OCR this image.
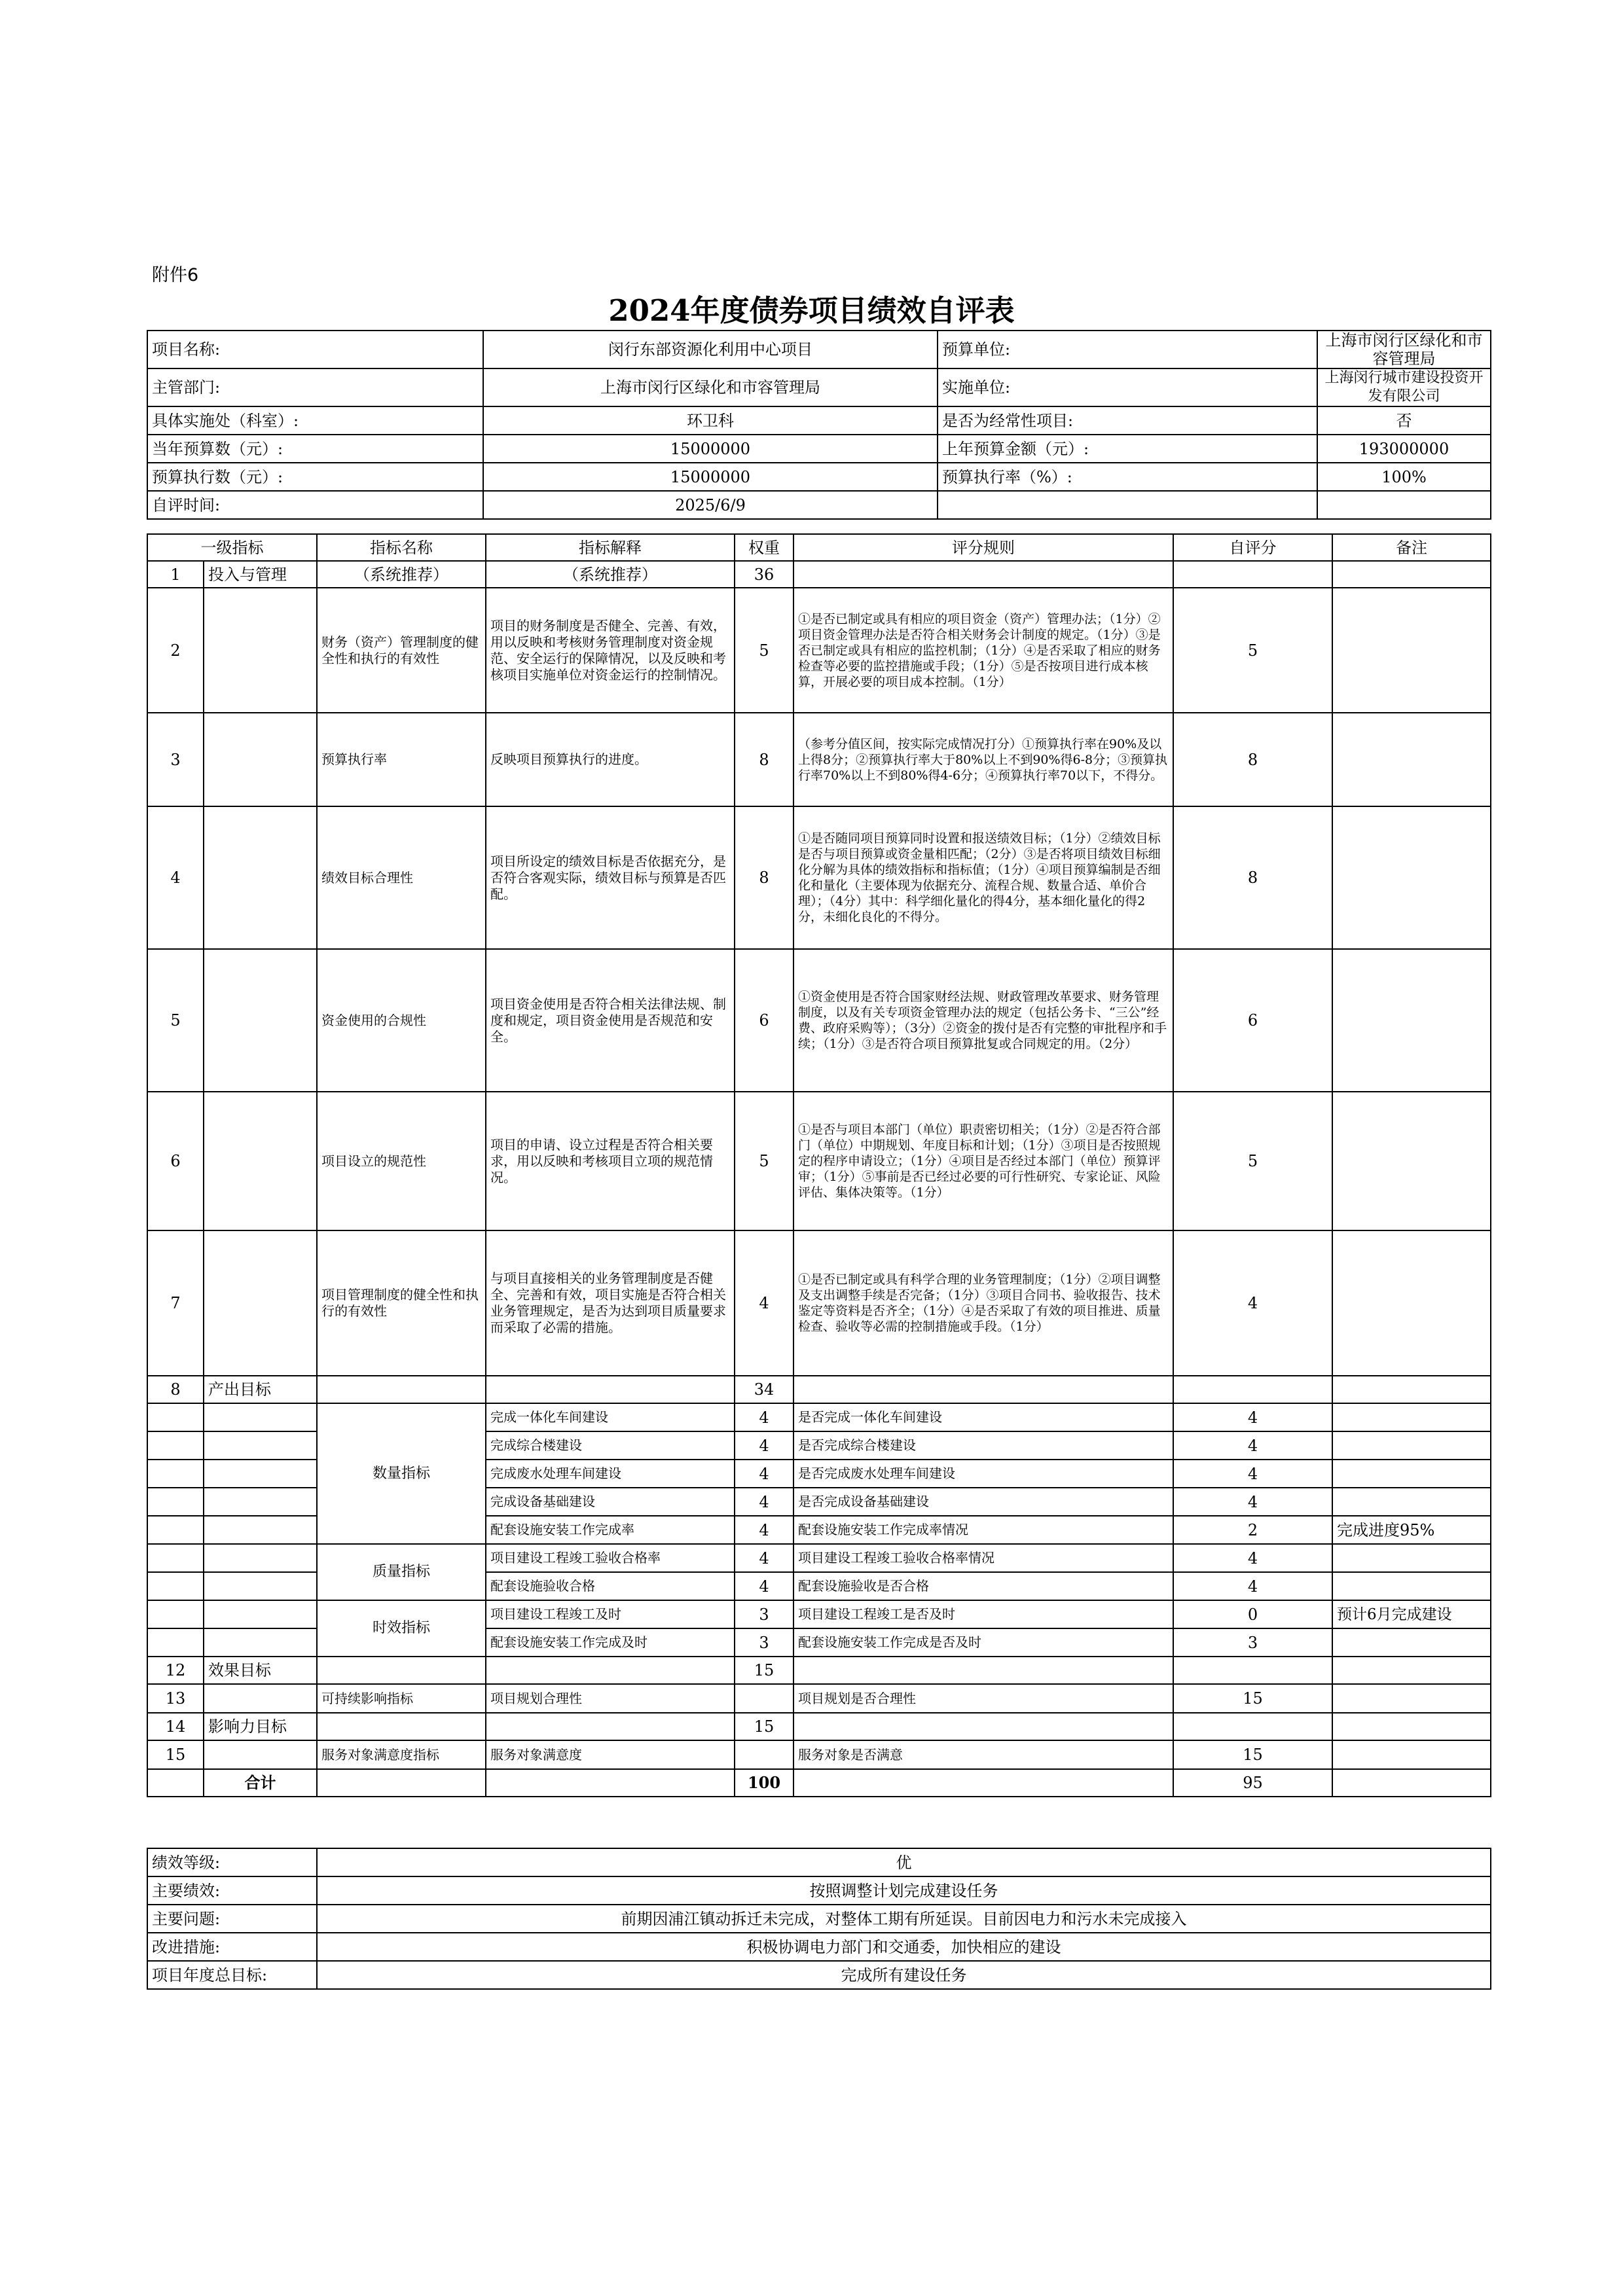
附件6
2024年度债券项目绩效自评表
项目名称:	闵行东部资源化利用中心项目	预算单位:	上海市闵行区绿化和市容管理局
主管部门:	上海市闵行区绿化和市容管理局	实施单位:	上海闵行城市建设投资开发有限公司
具体实施处（科室）:	环卫科	是否为经常性项目:	否
当年预算数（元）:	15000000	上年预算金额（元）:	193000000
预算执行数（元）:	15000000	预算执行率（%）:	100%
自评时间:	2025/6/9		
一级指标		指标名称	指标解释	权重	评分规则	自评分	备注
1	投入与管理	（系统推荐）	（系统推荐）	36			
2		财务（资产）管理制度的健全性和执行的有效性	项目的财务制度是否健全、完善、有效，用以反映和考核财务管理制度对资金规范、安全运行的保障情况，以及反映和考核项目实施单位对资金运行的控制情况。	5	①是否已制定或具有相应的项目资金（资产）管理办法；（1分）②项目资金管理办法是否符合相关财务会计制度的规定。（1分）③是否已制定或具有相应的监控机制；（1分）④是否采取了相应的财务检查等必要的监控措施或手段；（1分）⑤是否按项目进行成本核算，开展必要的项目成本控制。（1分）	5	
3		预算执行率	反映项目预算执行的进度。	8	（参考分值区间，按实际完成情况打分）①预算执行率在90%及以上得8分；②预算执行率大于80%以上不到90%得6-8分；③预算执行率70%以上不到80%得4-6分；④预算执行率70以下，不得分。	8	
4		绩效目标合理性	项目所设定的绩效目标是否依据充分，是否符合客观实际，绩效目标与预算是否匹配。	8	①是否随同项目预算同时设置和报送绩效目标；（1分）②绩效目标是否与项目预算或资金量相匹配；（2分）③是否将项目绩效目标细化分解为具体的绩效指标和指标值；（1分）④项目预算编制是否细化和量化（主要体现为依据充分、流程合规、数量合适、单价合理）；（4分）其中：科学细化量化的得4分，基本细化量化的得2分，未细化良化的不得分。	8	
5		资金使用的合规性	项目资金使用是否符合相关法律法规、制度和规定，项目资金使用是否规范和安全。	6	①资金使用是否符合国家财经法规、财政管理改革要求、财务管理制度，以及有关专项资金管理办法的规定（包括公务卡、“三公”经费、政府采购等）；（3分）②资金的拨付是否有完整的审批程序和手续；（1分）③是否符合项目预算批复或合同规定的用。（2分）	6	
6		项目设立的规范性	项目的申请、设立过程是否符合相关要求，用以反映和考核项目立项的规范情况。	5	①是否与项目本部门（单位）职责密切相关；（1分）②是否符合部门（单位）中期规划、年度目标和计划；（1分）③项目是否按照规定的程序申请设立；（1分）④项目是否经过本部门（单位）预算评审；（1分）⑤事前是否已经过必要的可行性研究、专家论证、风险评估、集体决策等。（1分）	5	
7		项目管理制度的健全性和执行的有效性	与项目直接相关的业务管理制度是否健全、完善和有效，项目实施是否符合相关业务管理规定，是否为达到项目质量要求而采取了必需的措施。	4	①是否已制定或具有科学合理的业务管理制度；（1分）②项目调整及支出调整手续是否完备；（1分）③项目合同书、验收报告、技术鉴定等资料是否齐全；（1分）④是否采取了有效的项目推进、质量检查、验收等必需的控制措施或手段。（1分）	4	
8	产出目标			34			
		数量指标	完成一体化车间建设	4	是否完成一体化车间建设	4	
			完成综合楼建设	4	是否完成综合楼建设	4	
			完成废水处理车间建设	4	是否完成废水处理车间建设	4	
			完成设备基础建设	4	是否完成设备基础建设	4	
			配套设施安装工作完成率	4	配套设施安装工作完成率情况	2	完成进度95%
		质量指标	项目建设工程竣工验收合格率	4	项目建设工程竣工验收合格率情况	4	
			配套设施验收合格	4	配套设施验收是否合格	4	
		时效指标	项目建设工程竣工及时	3	项目建设工程竣工是否及时	0	预计6月完成建设
			配套设施安装工作完成及时	3	配套设施安装工作完成是否及时	3	
12	效果目标			15			
13		可持续影响指标	项目规划合理性		项目规划是否合理性	15	
14	影响力目标			15			
15		服务对象满意度指标	服务对象满意度		服务对象是否满意	15	
	合计			100		95	
绩效等级:	优
主要绩效:	按照调整计划完成建设任务
主要问题:	前期因浦江镇动拆迁未完成，对整体工期有所延误。目前因电力和污水未完成接入
改进措施:	积极协调电力部门和交通委，加快相应的建设
项目年度总目标:	完成所有建设任务
